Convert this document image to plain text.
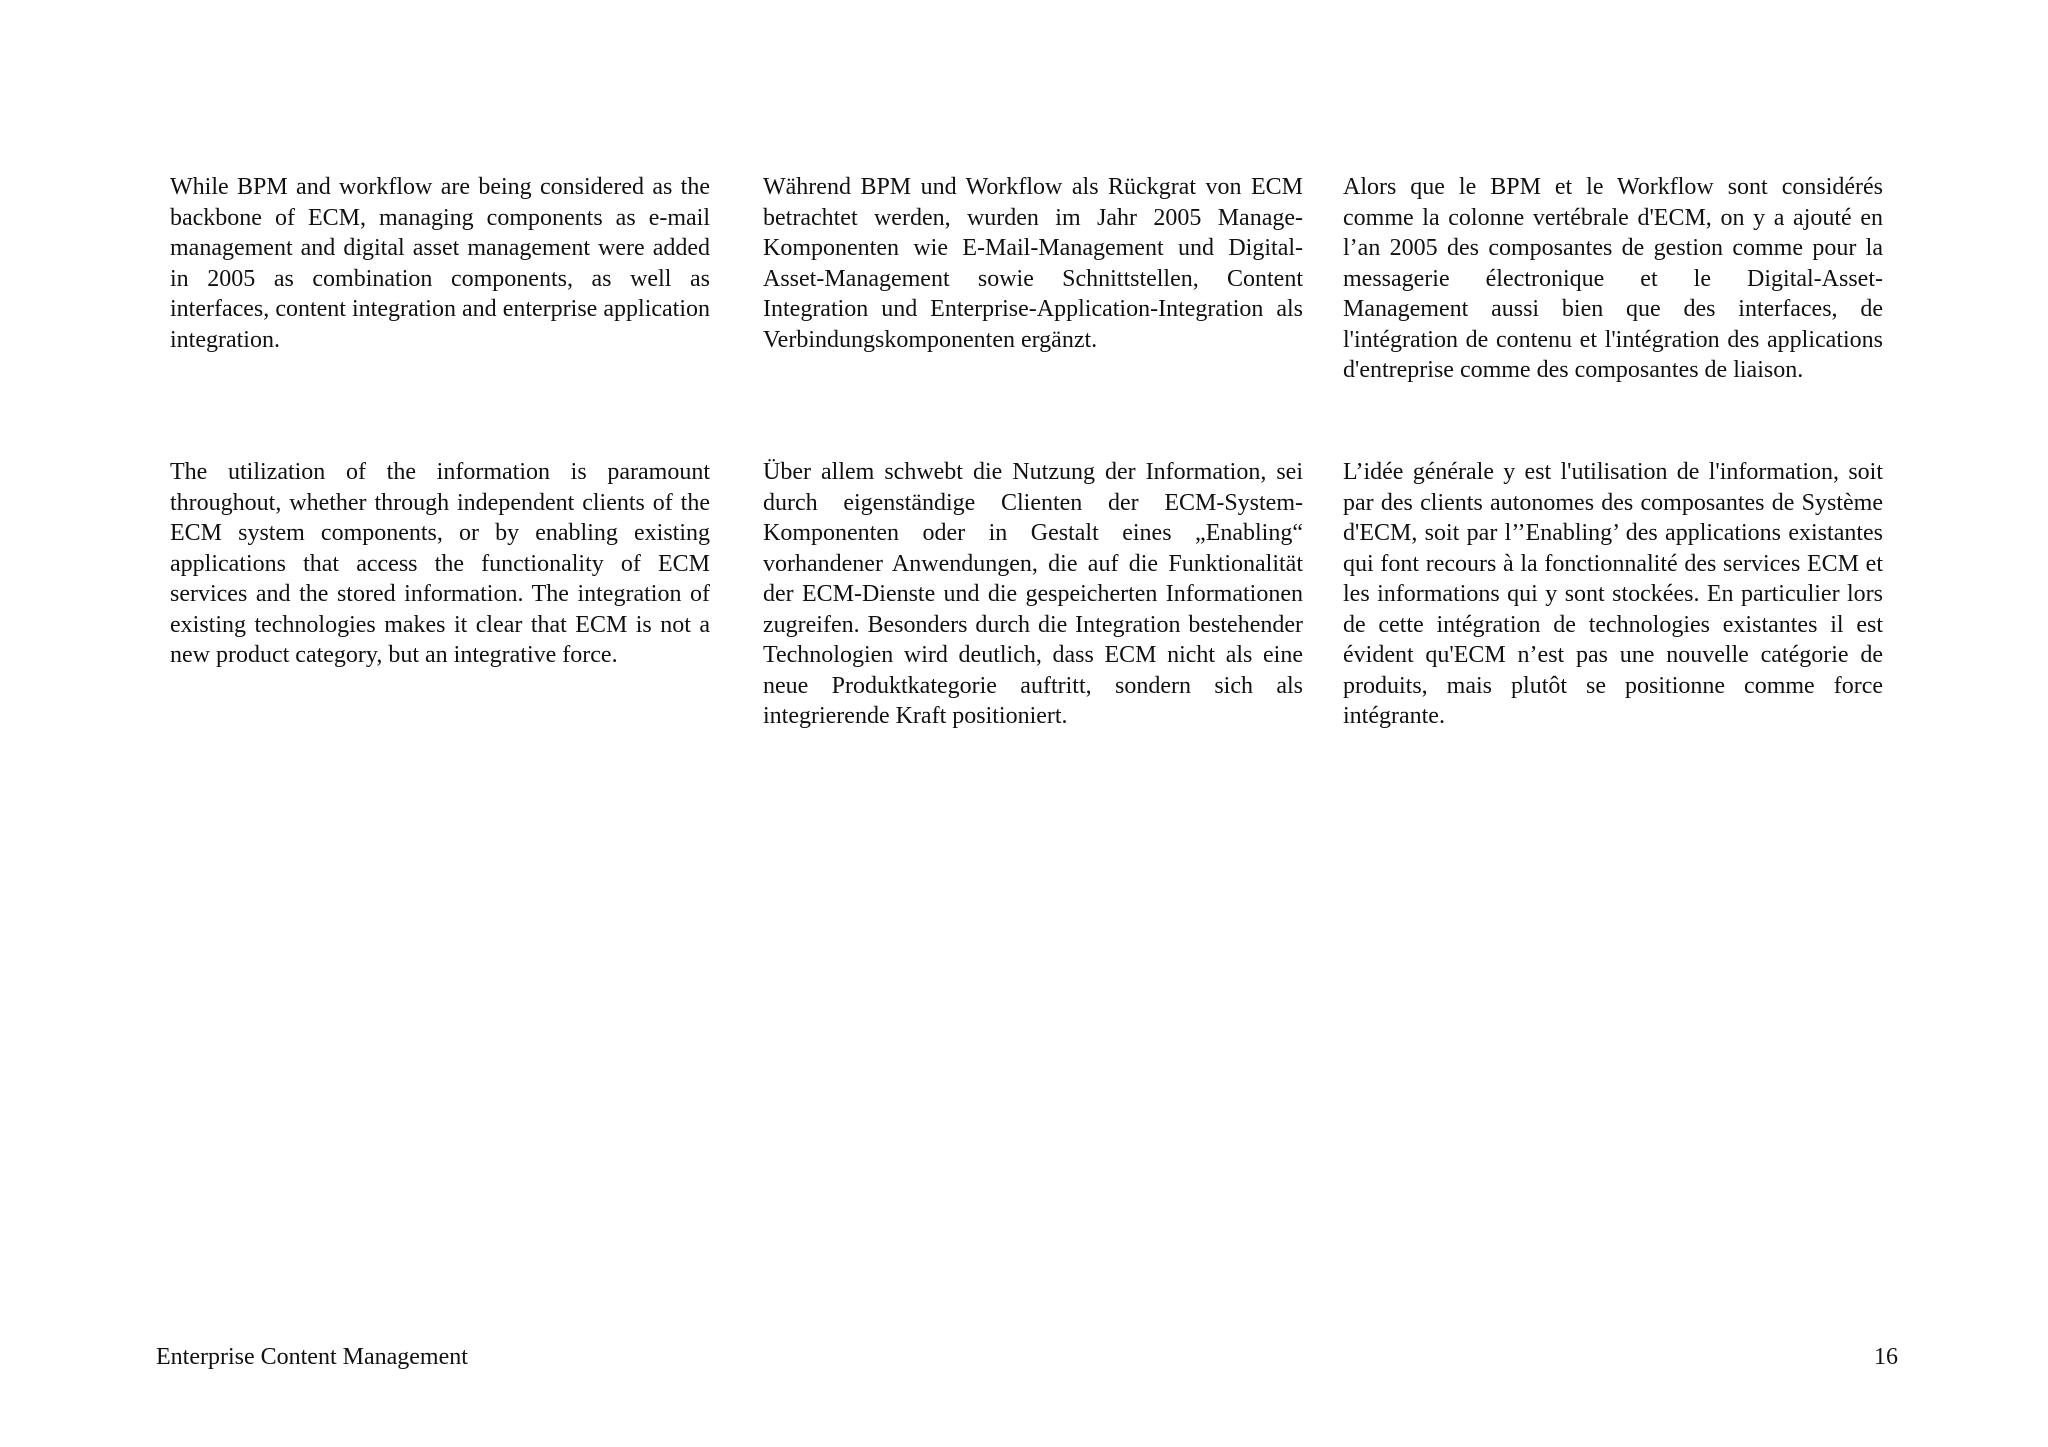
While BPM and workflow are being considered as the backbone of ECM, managing components as e-mail management and digital asset management were added in 2005 as combination components, as well as interfaces, content integration and enterprise application integration.

Während BPM und Workflow als Rückgrat von ECM betrachtet werden, wurden im Jahr 2005 Manage-Komponenten wie E-Mail-Management und Digital-Asset-Management sowie Schnittstellen, Content Integration und Enterprise-Application-Integration als Verbindungskomponenten ergänzt.

Alors que le BPM et le Workflow sont considérés comme la colonne vertébrale d'ECM, on y a ajouté en l’an 2005 des composantes de gestion comme pour la messagerie électronique et le Digital-Asset-Management aussi bien que des interfaces, de l'intégration de contenu et l'intégration des applications d'entreprise comme des composantes de liaison.

The utilization of the information is paramount throughout, whether through independent clients of the ECM system components, or by enabling existing applications that access the functionality of ECM services and the stored information. The integration of existing technologies makes it clear that ECM is not a new product category, but an integrative force.

Über allem schwebt die Nutzung der Information, sei durch eigenständige Clienten der ECM-System-Komponenten oder in Gestalt eines „Enabling“ vorhandener Anwendungen, die auf die Funktionalität der ECM-Dienste und die gespeicherten Informationen zugreifen. Besonders durch die Integration bestehender Technologien wird deutlich, dass ECM nicht als eine neue Produktkategorie auftritt, sondern sich als integrierende Kraft positioniert.

L’idée générale y est l'utilisation de l'information, soit par des clients autonomes des composantes de Système d'ECM, soit par l’’Enabling’ des applications existantes qui font recours à la fonctionnalité des services ECM et les informations qui y sont stockées. En particulier lors de cette intégration de technologies existantes il est évident qu'ECM n’est pas une nouvelle catégorie de produits, mais plutôt se positionne comme force intégrante.

Enterprise Content Management	16
